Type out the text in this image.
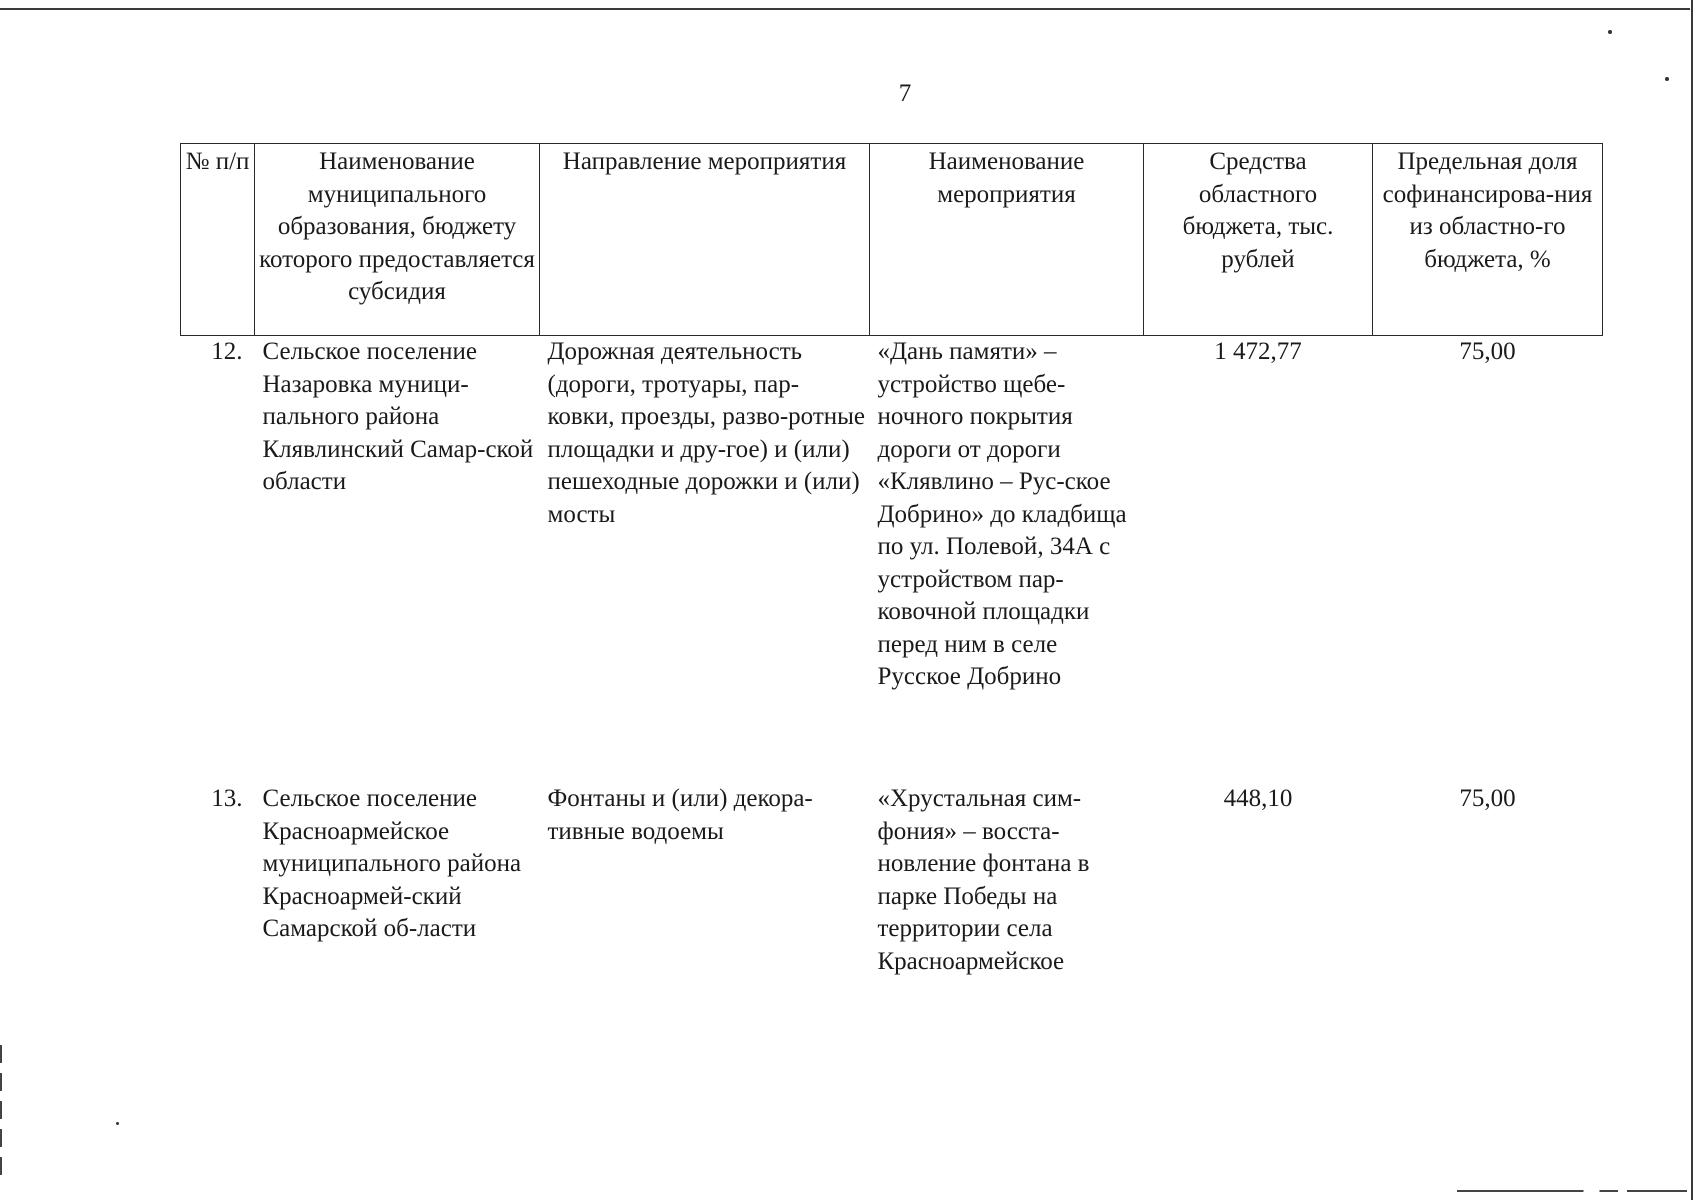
7
№ п/п	Наименование муниципального образования, бюджету которого предоставляется субсидия	Направление мероприятия	Наименование мероприятия	Средства областного бюджета, тыс. рублей	Предельная доля софинансирова-ния из областно-го бюджета, %
12.	Сельское поселение Назаровка муници-пального района Клявлинский Самар-ской области	Дорожная деятельность (дороги, тротуары, пар-ковки, проезды, разво-ротные площадки и дру-гое) и (или) пешеходные дорожки и (или) мосты	«Дань памяти» – устройство щебе-ночного покрытия дороги от дороги «Клявлино – Рус-ское Добрино» до кладбища по ул. Полевой, 34А с устройством пар-ковочной площадки перед ним в селе Русское Добрино	1 472,77	75,00
13.	Сельское поселение Красноармейское муниципального района Красноармей-ский Самарской об-ласти	Фонтаны и (или) декора-тивные водоемы	«Хрустальная сим-фония» – восста-новление фонтана в парке Победы на территории села Красноармейское	448,10	75,00
